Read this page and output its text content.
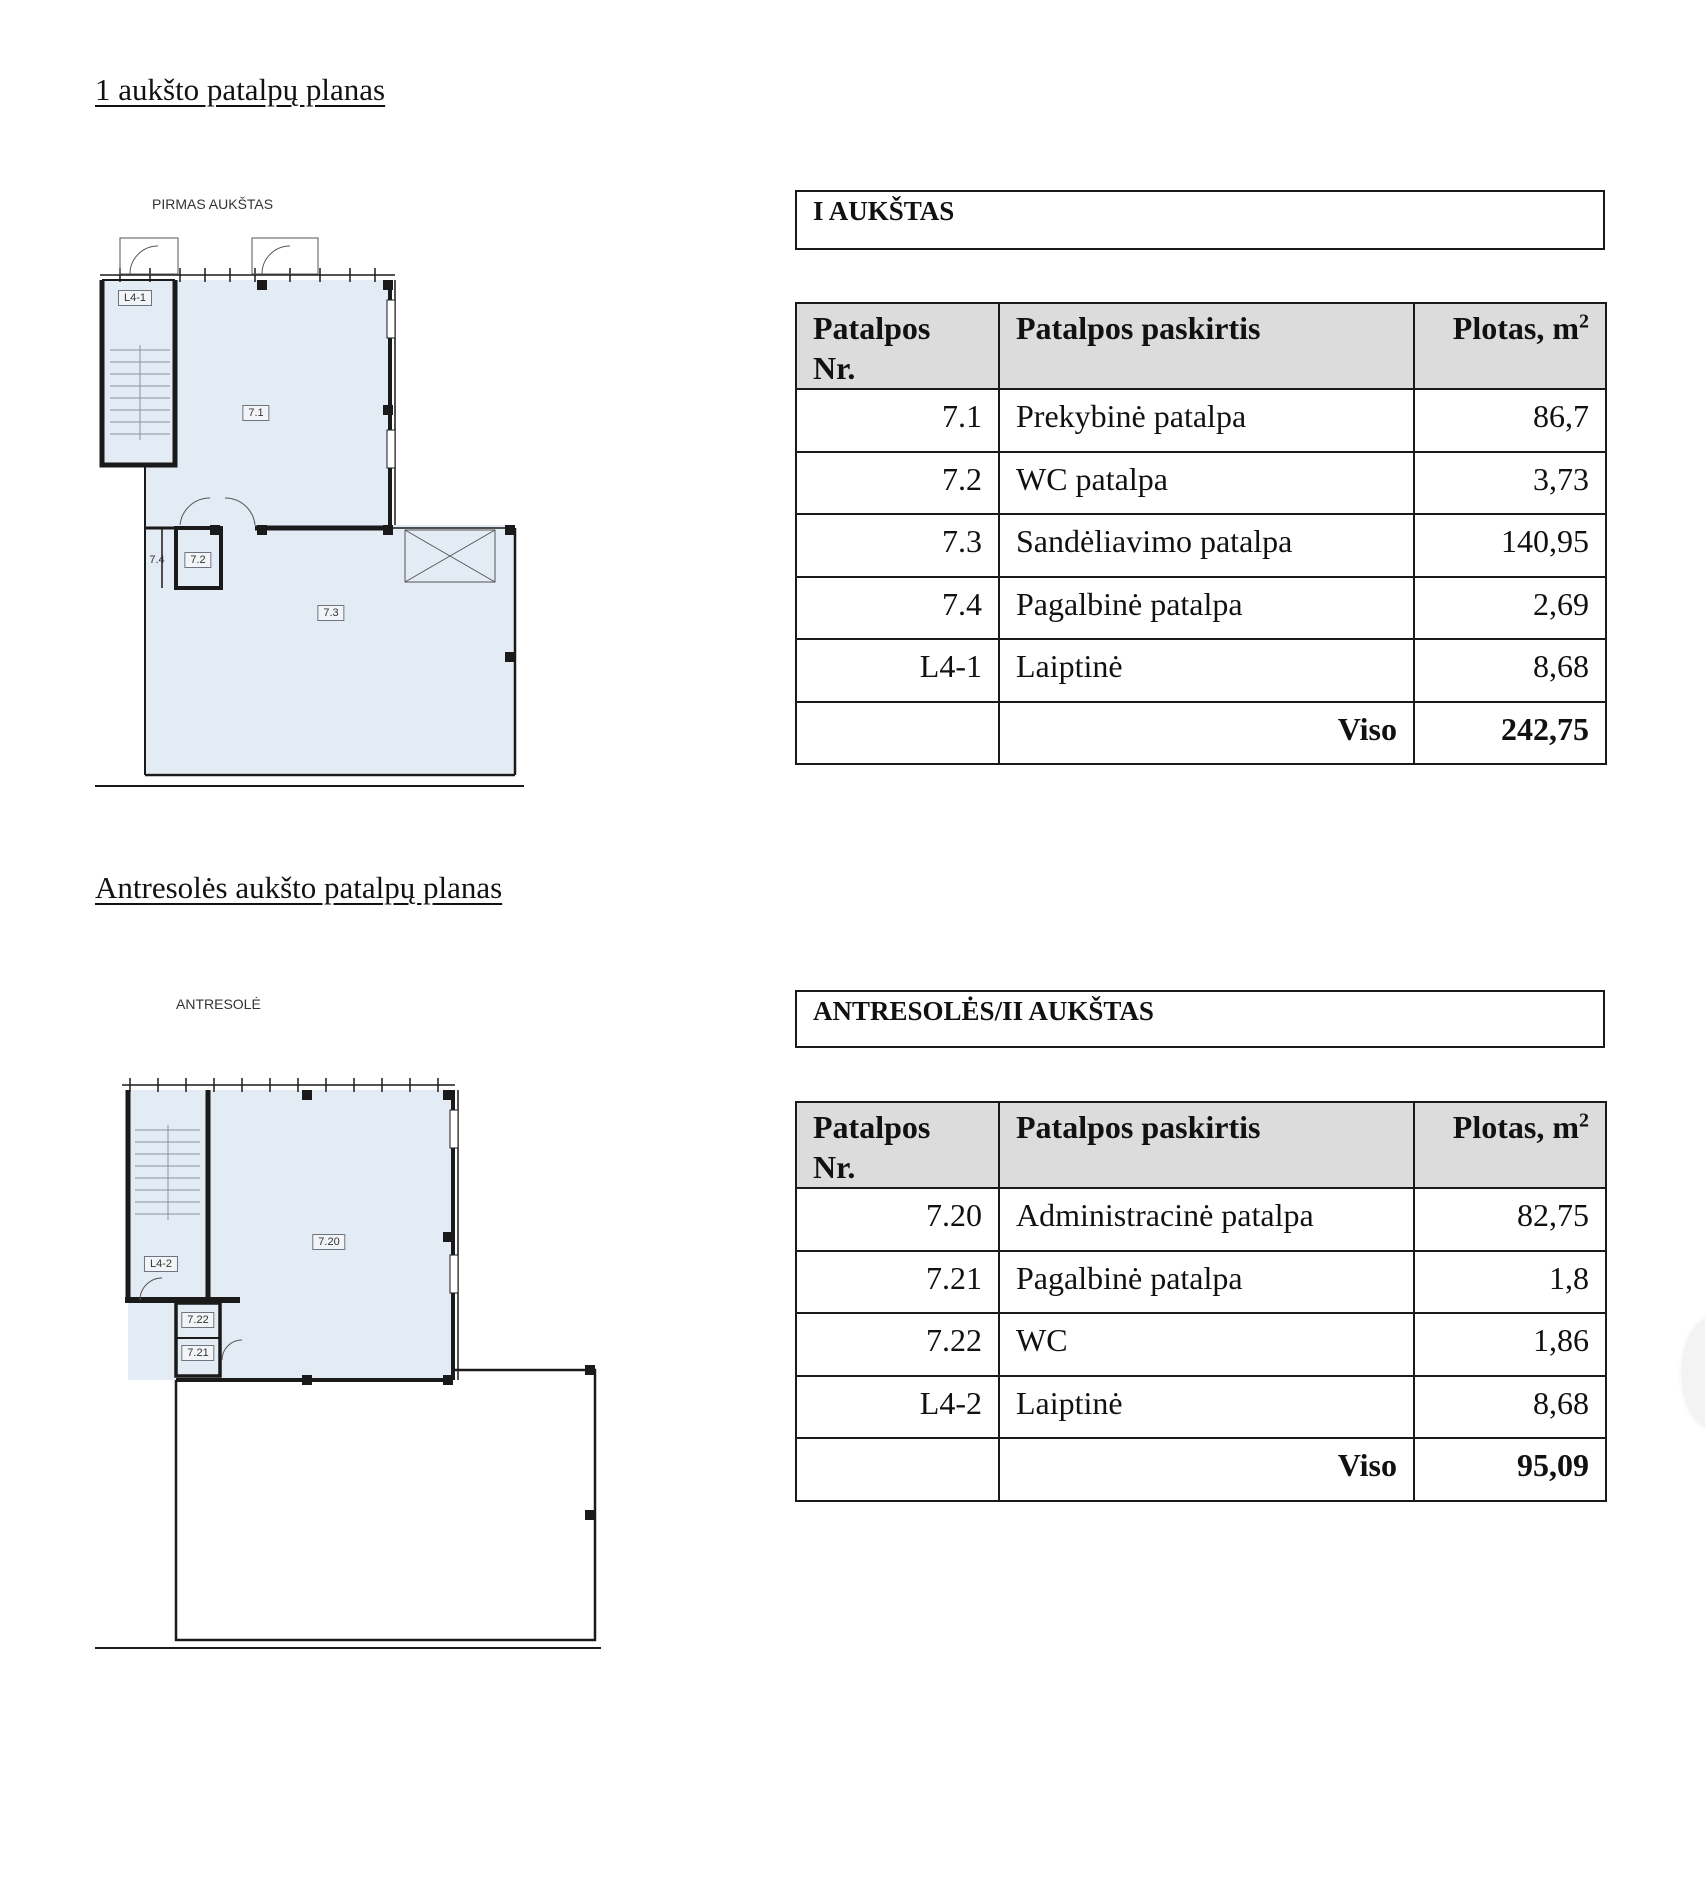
1 aukšto patalpų planas
PIRMAS AUKŠTAS
L4-1
7.1
7.4	7.2
7.3
I AUKŠTAS
Patalpos
Nr.	Patalpos paskirtis	Plotas, $m^2$
7.1	Prekybinė patalpa	86,7
7.2	WC patalpa	3,73
7.3	Sandėliavimo patalpa	140,95
7.4	Pagalbinė patalpa	2,69
L4-1	Laiptinė	8,68
	Viso	242,75
Antresolės aukšto patalpų planas
ANTRESOLĖ
L4-2
7.20
7.22
7.21
ANTRESOLĖS/II AUKŠTAS
Patalpos
Nr.	Patalpos paskirtis	Plotas, $m^2$
7.20	Administracinė patalpa	82,75
7.21	Pagalbinė patalpa	1,8
7.22	WC	1,86
L4-2	Laiptinė	8,68
	Viso	95,09
